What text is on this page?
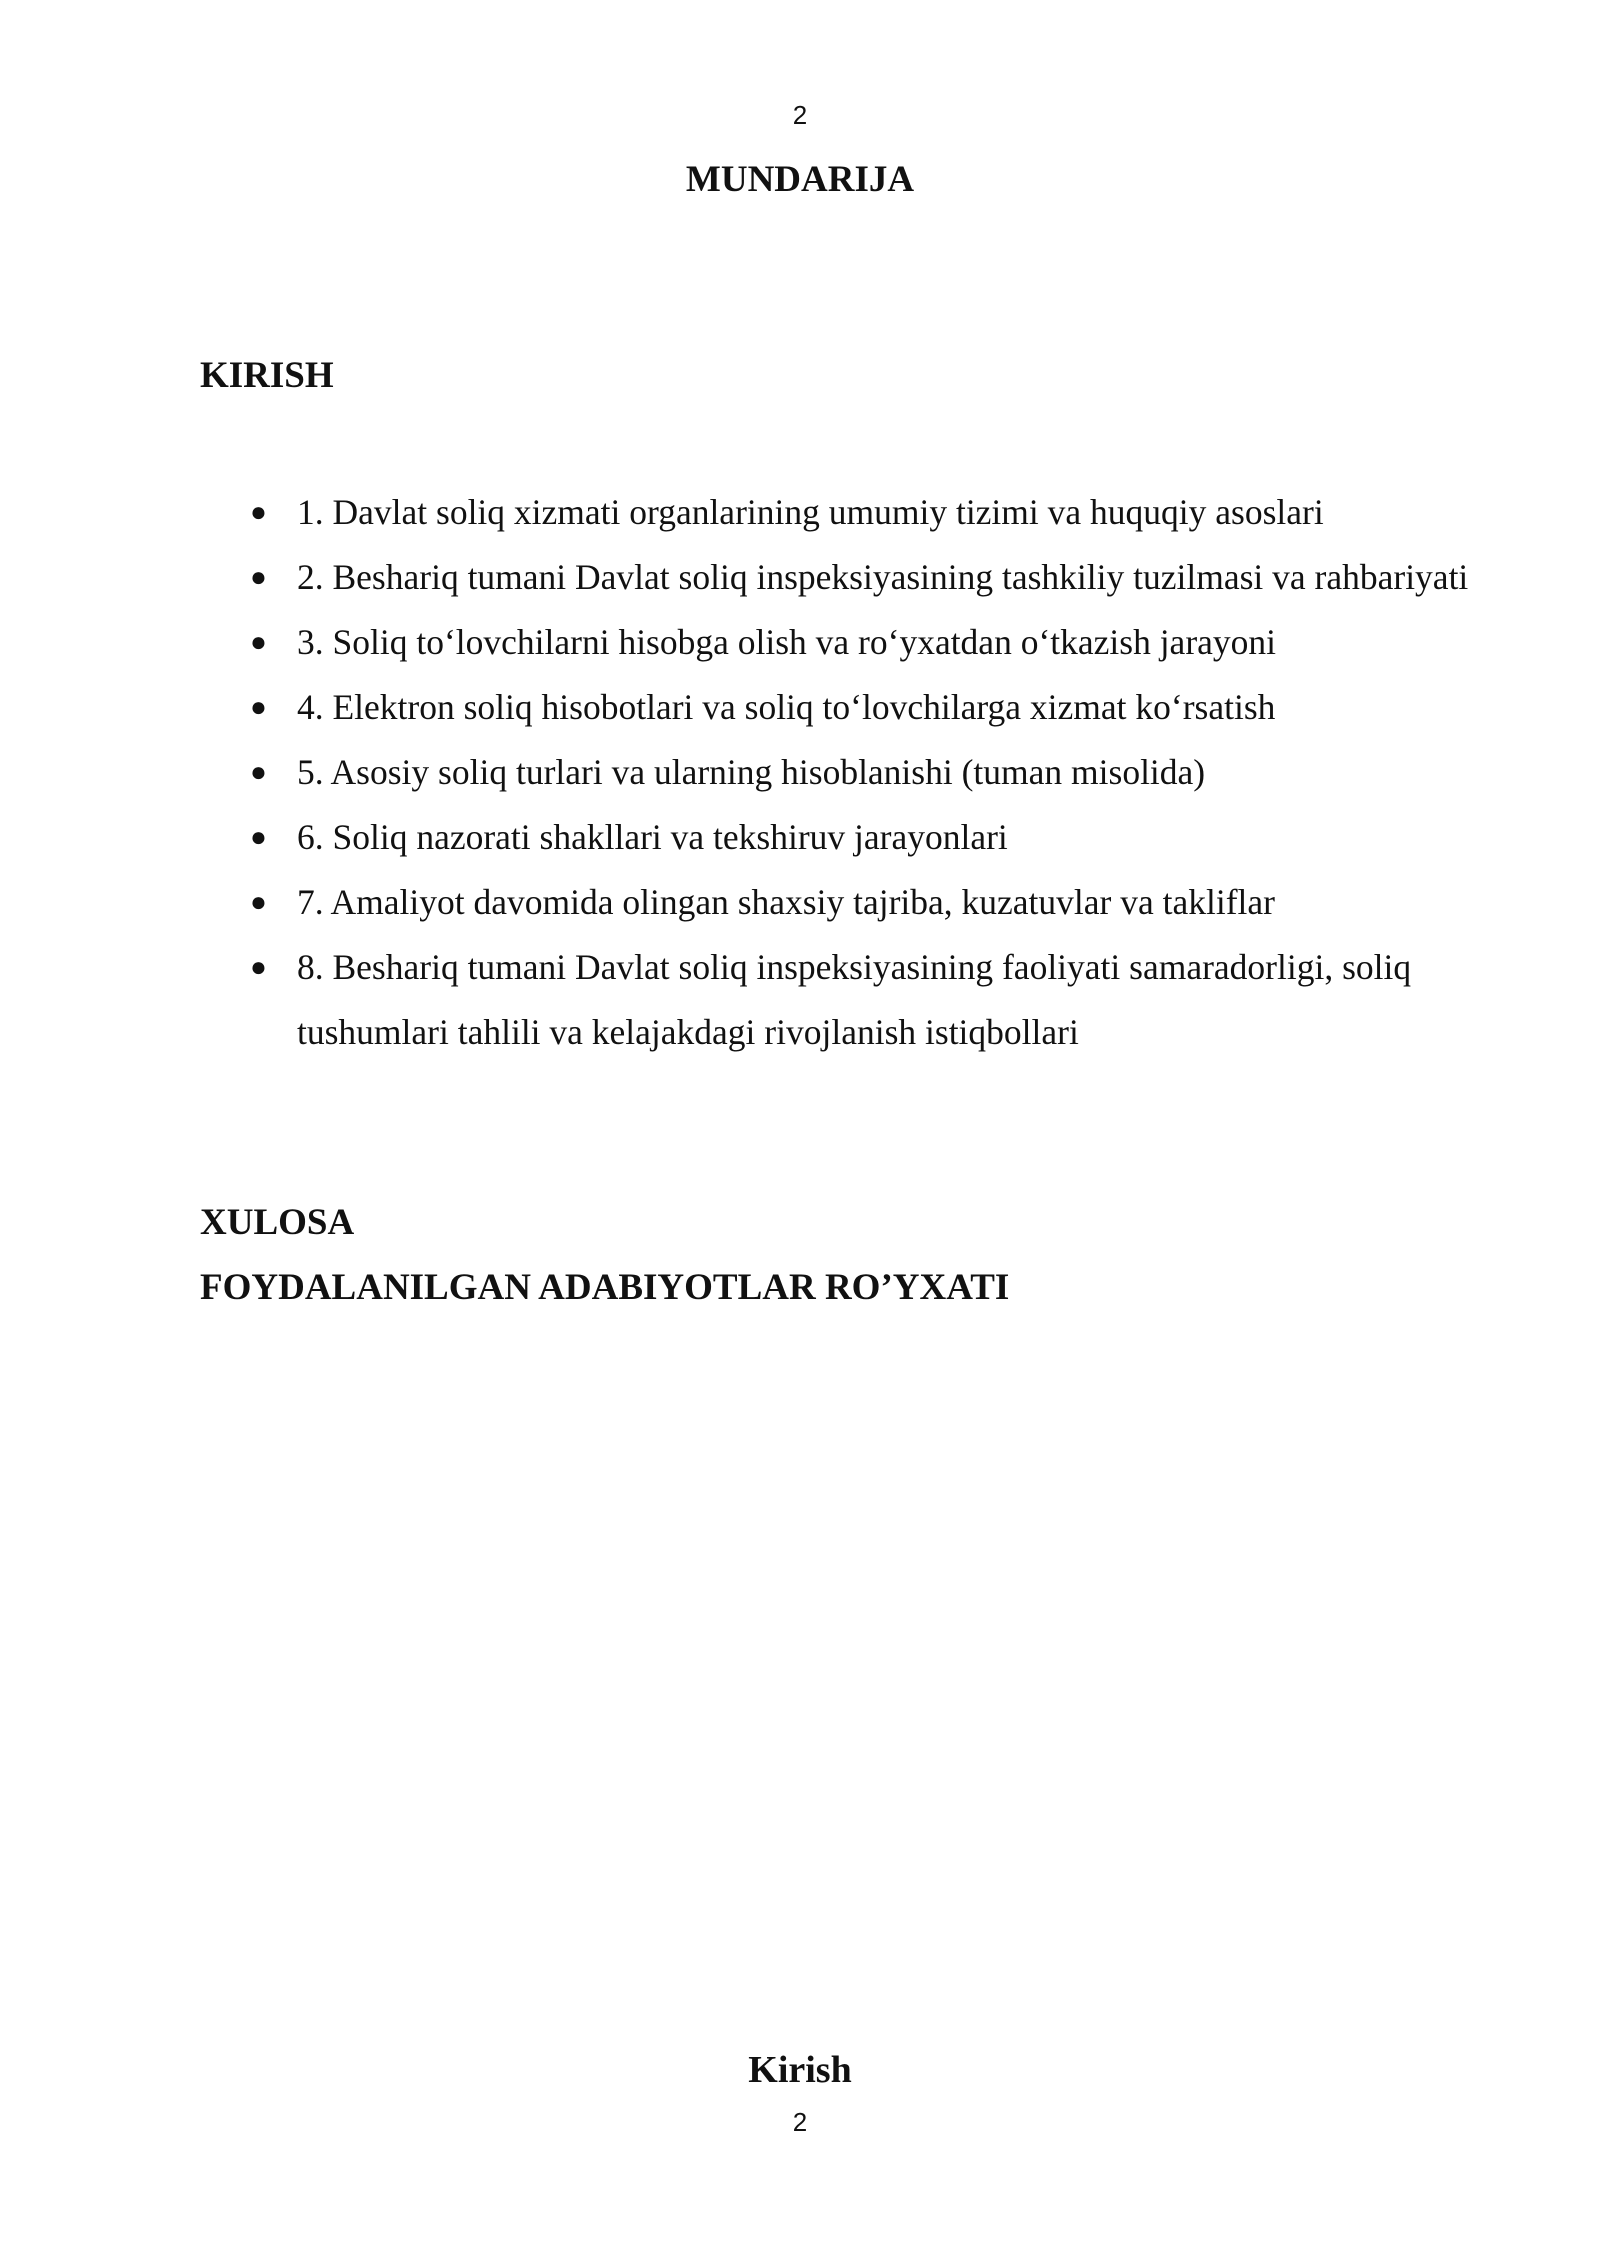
2
MUNDARIJA
KIRISH
● 1. Davlat soliq xizmati organlarining umumiy tizimi va huquqiy asoslari
● 2. Beshariq tumani Davlat soliq inspeksiyasining tashkiliy tuzilmasi va rahbariyati
● 3. Soliq to‘lovchilarni hisobga olish va ro‘yxatdan o‘tkazish jarayoni
● 4. Elektron soliq hisobotlari va soliq to‘lovchilarga xizmat ko‘rsatish
● 5. Asosiy soliq turlari va ularning hisoblanishi (tuman misolida)
● 6. Soliq nazorati shakllari va tekshiruv jarayonlari
● 7. Amaliyot davomida olingan shaxsiy tajriba, kuzatuvlar va takliflar
● 8. Beshariq tumani Davlat soliq inspeksiyasining faoliyati samaradorligi, soliq tushumlari tahlili va kelajakdagi rivojlanish istiqbollari
XULOSA
FOYDALANILGAN ADABIYOTLAR RO’YXATI
Kirish
2
